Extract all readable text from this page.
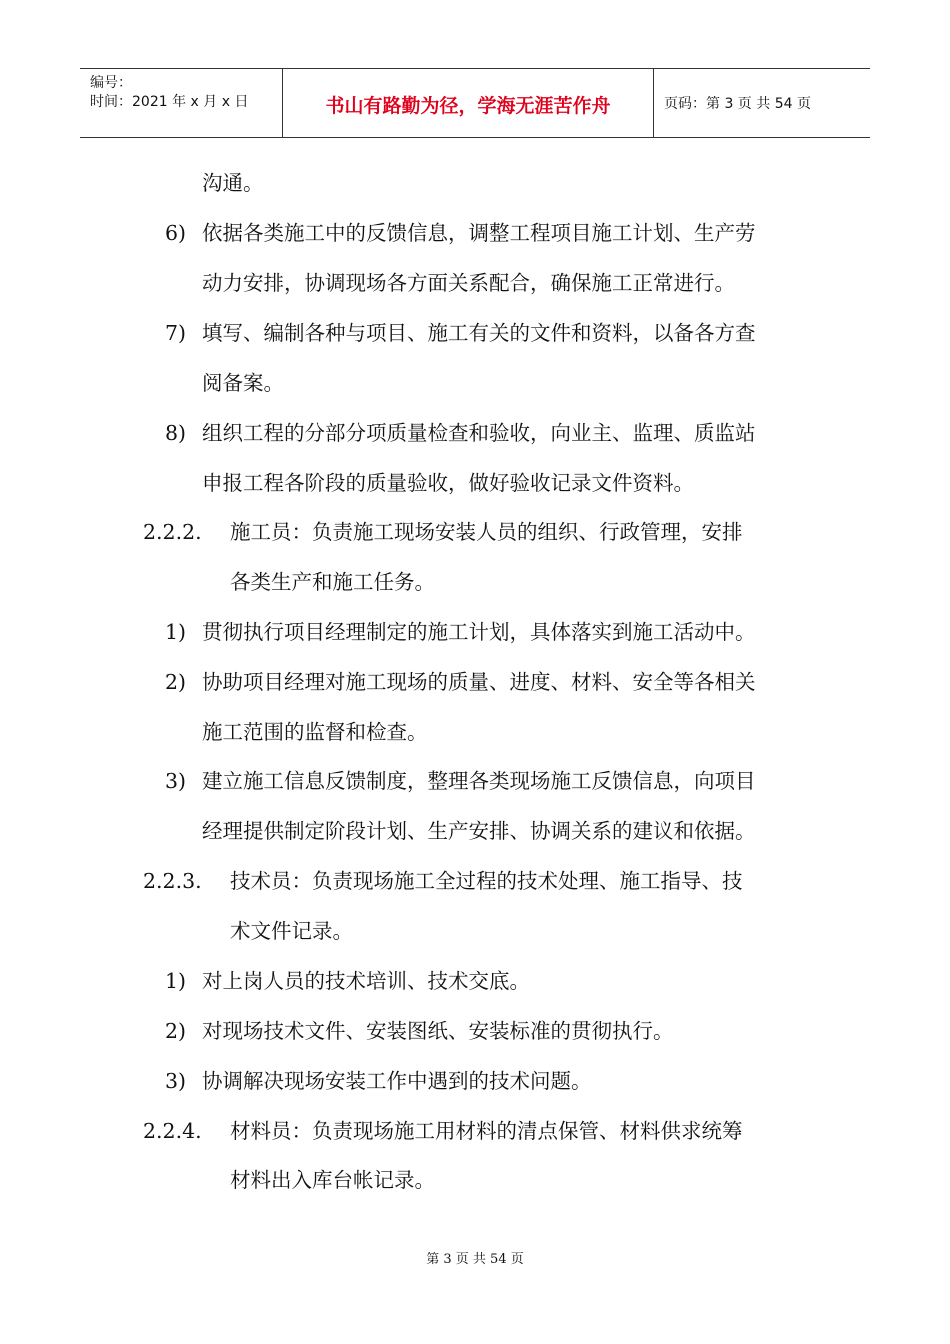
编号：
时间：2021 年 x 月 x 日	书山有路勤为径，学海无涯苦作舟	页码：第 3 页 共 54 页
沟通。
6) 依据各类施工中的反馈信息，调整工程项目施工计划、生产劳
动力安排，协调现场各方面关系配合，确保施工正常进行。
7) 填写、编制各种与项目、施工有关的文件和资料，以备各方查
阅备案。
8) 组织工程的分部分项质量检查和验收，向业主、监理、质监站
申报工程各阶段的质量验收，做好验收记录文件资料。
2.2.2. 施工员：负责施工现场安装人员的组织、行政管理，安排
各类生产和施工任务。
1) 贯彻执行项目经理制定的施工计划，具体落实到施工活动中。
2) 协助项目经理对施工现场的质量、进度、材料、安全等各相关
施工范围的监督和检查。
3) 建立施工信息反馈制度，整理各类现场施工反馈信息，向项目
经理提供制定阶段计划、生产安排、协调关系的建议和依据。
2.2.3. 技术员：负责现场施工全过程的技术处理、施工指导、技
术文件记录。
1) 对上岗人员的技术培训、技术交底。
2) 对现场技术文件、安装图纸、安装标准的贯彻执行。
3) 协调解决现场安装工作中遇到的技术问题。
2.2.4. 材料员：负责现场施工用材料的清点保管、材料供求统筹
材料出入库台帐记录。
第 3 页 共 54 页
